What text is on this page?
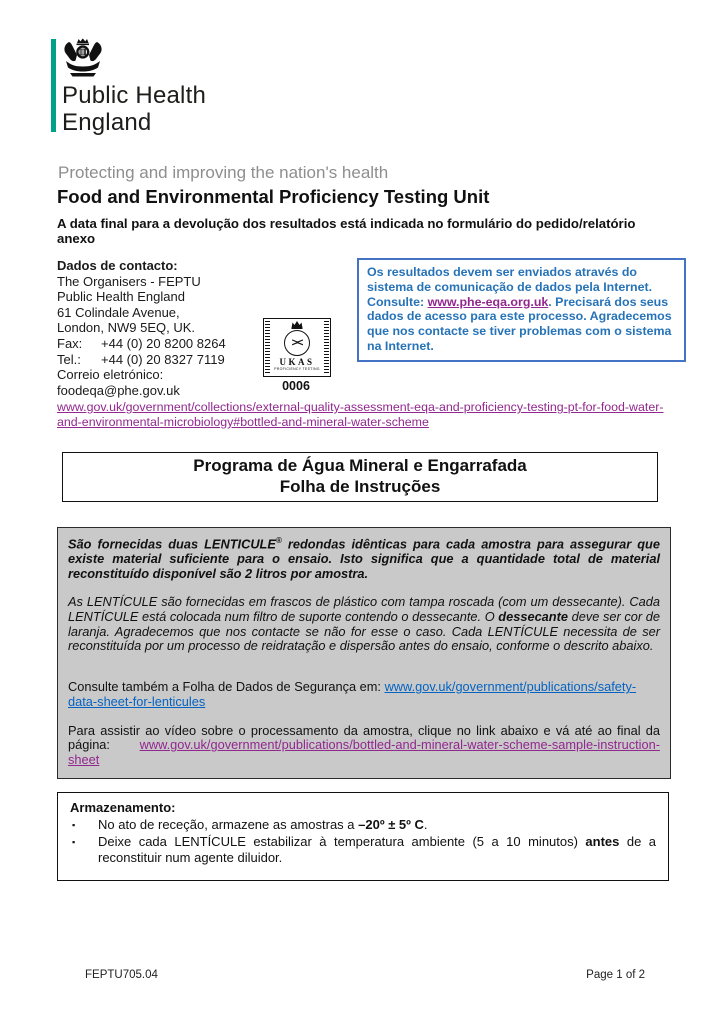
Public Health
England
Protecting and improving the nation's health
Food and Environmental Proficiency Testing Unit
A data final para a devolução dos resultados está indicada no formulário do pedido/relatório anexo
Dados de contacto:
The Organisers - FEPTU
Public Health England
61 Colindale Avenue,
London, NW9 5EQ, UK.
Fax: +44 (0) 20 8200 8264
Tel.: +44 (0) 20 8327 7119
Correio eletrónico:
foodeqa@phe.gov.uk
Os resultados devem ser enviados através do sistema de comunicação de dados pela Internet. Consulte: www.phe-eqa.org.uk. Precisará dos seus dados de acesso para este processo. Agradecemos que nos contacte se tiver problemas com o sistema na Internet.
><
UKAS
PROFICIENCY TESTING
0006
www.gov.uk/government/collections/external-quality-assessment-eqa-and-proficiency-testing-pt-for-food-water-and-environmental-microbiology#bottled-and-mineral-water-scheme
Programa de Água Mineral e Engarrafada
Folha de Instruções

São fornecidas duas LENTICULE® redondas idênticas para cada amostra para assegurar que existe material suficiente para o ensaio. Isto significa que a quantidade total de material reconstituído disponível são 2 litros por amostra.

As LENTÍCULE são fornecidas em frascos de plástico com tampa roscada (com um dessecante). Cada LENTÍCULE está colocada num filtro de suporte contendo o dessecante. O dessecante deve ser cor de laranja. Agradecemos que nos contacte se não for esse o caso. Cada LENTÍCULE necessita de ser reconstituída por um processo de reidratação e dispersão antes do ensaio, conforme o descrito abaixo.

Consulte também a Folha de Dados de Segurança em: www.gov.uk/government/publications/safety-data-sheet-for-lenticules

Para assistir ao vídeo sobre o processamento da amostra, clique no link abaixo e vá até ao final da página: www.gov.uk/government/publications/bottled-and-mineral-water-scheme-sample-instruction-sheet

Armazenamento:
▪	No ato de receção, armazene as amostras a –20º ± 5º C.
▪	Deixe cada LENTÍCULE estabilizar à temperatura ambiente (5 a 10 minutos) antes de a reconstituir num agente diluidor.
FEPTU705.04	Page 1 of 2
